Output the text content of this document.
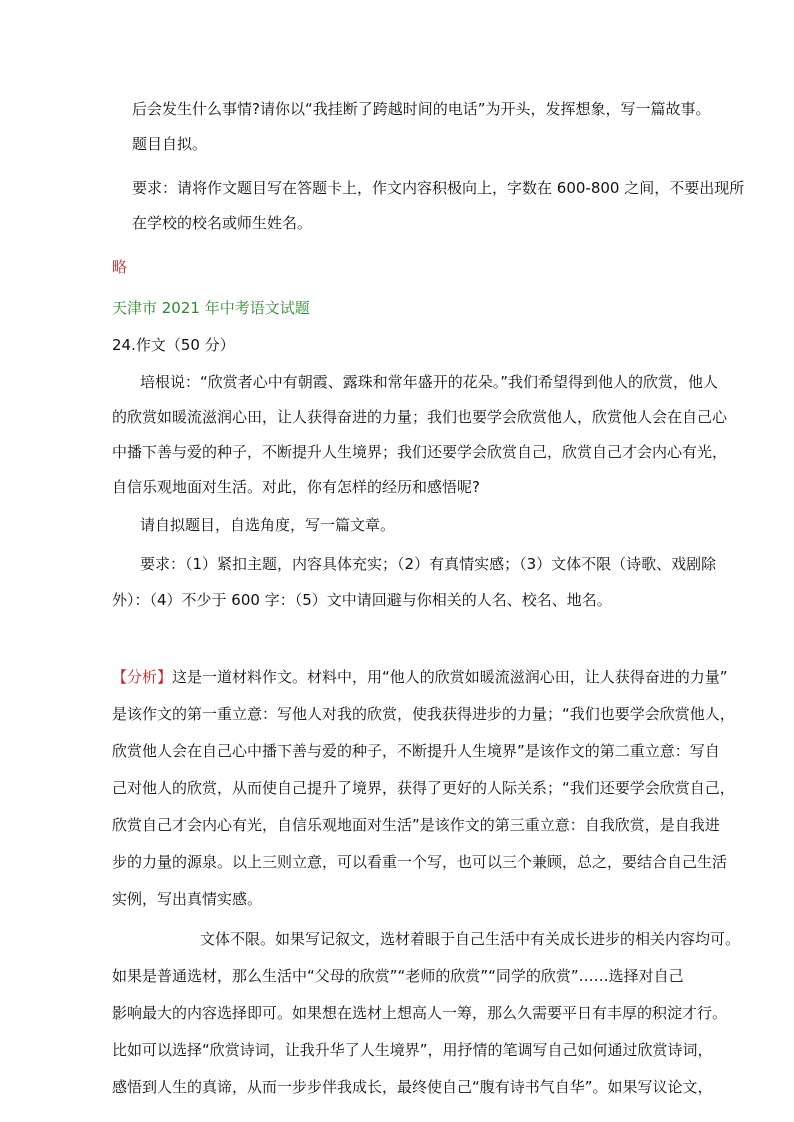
后会发生什么事情?请你以“我挂断了跨越时间的电话”为开头，发挥想象，写一篇故事。
题目自拟。
要求：请将作文题目写在答题卡上，作文内容积极向上，字数在 600-800 之间，不要出现所
在学校的校名或师生姓名。
略
天津市 2021 年中考语文试题
24.作文（50 分）
培根说：“欣赏者心中有朝霞、露珠和常年盛开的花朵。”我们希望得到他人的欣赏，他人
的欣赏如暖流滋润心田，让人获得奋进的力量；我们也要学会欣赏他人，欣赏他人会在自己心
中播下善与爱的种子，不断提升人生境界；我们还要学会欣赏自己，欣赏自己才会内心有光，
自信乐观地面对生活。对此，你有怎样的经历和感悟呢?
请自拟题目，自选角度，写一篇文章。
要求：（1）紧扣主题，内容具体充实；（2）有真情实感；（3）文体不限（诗歌、戏剧除
外）：（4）不少于 600 字：（5）文中请回避与你相关的人名、校名、地名。
【分析】这是一道材料作文。材料中，用“他人的欣赏如暖流滋润心田，让人获得奋进的力量”
是该作文的第一重立意：写他人对我的欣赏，使我获得进步的力量；“我们也要学会欣赏他人，
欣赏他人会在自己心中播下善与爱的种子，不断提升人生境界”是该作文的第二重立意：写自
己对他人的欣赏，从而使自己提升了境界，获得了更好的人际关系；“我们还要学会欣赏自己，
欣赏自己才会内心有光，自信乐观地面对生活”是该作文的第三重立意：自我欣赏，是自我进
步的力量的源泉。以上三则立意，可以看重一个写，也可以三个兼顾，总之，要结合自己生活
实例，写出真情实感。
文体不限。如果写记叙文，选材着眼于自己生活中有关成长进步的相关内容均可。
如果是普通选材，那么生活中“父母的欣赏”“老师的欣赏”“同学的欣赏”……选择对自己
影响最大的内容选择即可。如果想在选材上想高人一筹，那么久需要平日有丰厚的积淀才行。
比如可以选择“欣赏诗词，让我升华了人生境界”，用抒情的笔调写自己如何通过欣赏诗词，
感悟到人生的真谛，从而一步步伴我成长，最终使自己“腹有诗书气自华”。如果写议论文，
